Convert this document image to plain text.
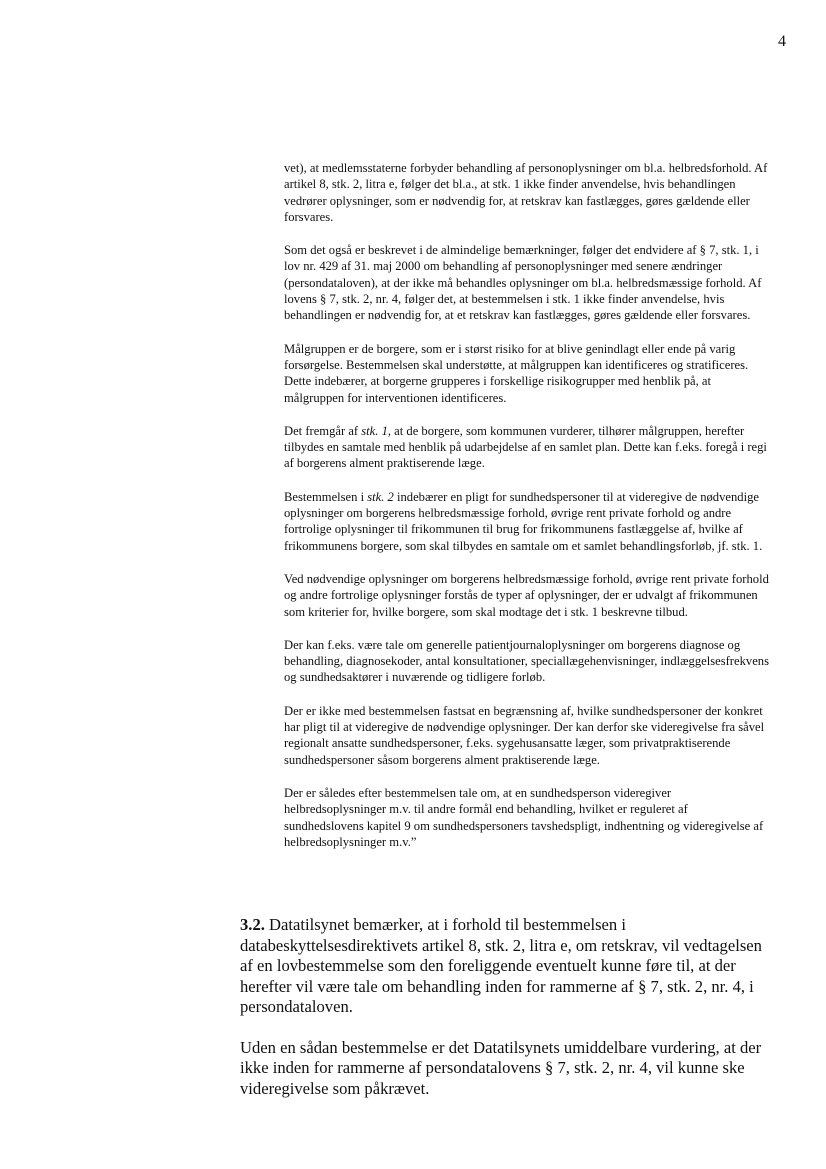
4

vet), at medlemsstaterne forbyder behandling af personoplysninger om bl.a. helbredsforhold. Af artikel 8, stk. 2, litra e, følger det bl.a., at stk. 1 ikke finder anvendelse, hvis behandlingen vedrører oplysninger, som er nødvendig for, at retskrav kan fastlægges, gøres gældende eller forsvares.

Som det også er beskrevet i de almindelige bemærkninger, følger det endvidere af § 7, stk. 1, i lov nr. 429 af 31. maj 2000 om behandling af personoplysninger med senere ændringer (persondataloven), at der ikke må behandles oplysninger om bl.a. helbredsmæssige forhold. Af lovens § 7, stk. 2, nr. 4, følger det, at bestemmelsen i stk. 1 ikke finder anvendelse, hvis behandlingen er nødvendig for, at et retskrav kan fastlægges, gøres gældende eller forsvares.

Målgruppen er de borgere, som er i størst risiko for at blive genindlagt eller ende på varig forsørgelse. Bestemmelsen skal understøtte, at målgruppen kan identificeres og stratificeres. Dette indebærer, at borgerne grupperes i forskellige risikogrupper med henblik på, at målgruppen for interventionen identificeres.

Det fremgår af stk. 1, at de borgere, som kommunen vurderer, tilhører målgruppen, herefter tilbydes en samtale med henblik på udarbejdelse af en samlet plan. Dette kan f.eks. foregå i regi af borgerens alment praktiserende læge.

Bestemmelsen i stk. 2 indebærer en pligt for sundhedspersoner til at videregive de nødvendige oplysninger om borgerens helbredsmæssige forhold, øvrige rent private forhold og andre fortrolige oplysninger til frikommunen til brug for frikommunens fastlæggelse af, hvilke af frikommunens borgere, som skal tilbydes en samtale om et samlet behandlingsforløb, jf. stk. 1.

Ved nødvendige oplysninger om borgerens helbredsmæssige forhold, øvrige rent private forhold og andre fortrolige oplysninger forstås de typer af oplysninger, der er udvalgt af frikommunen som kriterier for, hvilke borgere, som skal modtage det i stk. 1 beskrevne tilbud.

Der kan f.eks. være tale om generelle patientjournaloplysninger om borgerens diagnose og behandling, diagnosekoder, antal konsultationer, speciallægehenvisninger, indlæggelsesfrekvens og sundhedsaktører i nuværende og tidligere forløb.

Der er ikke med bestemmelsen fastsat en begrænsning af, hvilke sundhedspersoner der konkret har pligt til at videregive de nødvendige oplysninger. Der kan derfor ske videregivelse fra såvel regionalt ansatte sundhedspersoner, f.eks. sygehusansatte læger, som privatpraktiserende sundhedspersoner såsom borgerens alment praktiserende læge.

Der er således efter bestemmelsen tale om, at en sundhedsperson videregiver helbredsoplysninger m.v. til andre formål end behandling, hvilket er reguleret af sundhedslovens kapitel 9 om sundhedspersoners tavshedspligt, indhentning og videregivelse af helbredsoplysninger m.v.”

3.2. Datatilsynet bemærker, at i forhold til bestemmelsen i databeskyttelsesdirektivets artikel 8, stk. 2, litra e, om retskrav, vil vedtagelsen af en lovbestemmelse som den foreliggende eventuelt kunne føre til, at der herefter vil være tale om behandling inden for rammerne af § 7, stk. 2, nr. 4, i persondataloven.

Uden en sådan bestemmelse er det Datatilsynets umiddelbare vurdering, at der ikke inden for rammerne af persondatalovens § 7, stk. 2, nr. 4, vil kunne ske videregivelse som påkrævet.
